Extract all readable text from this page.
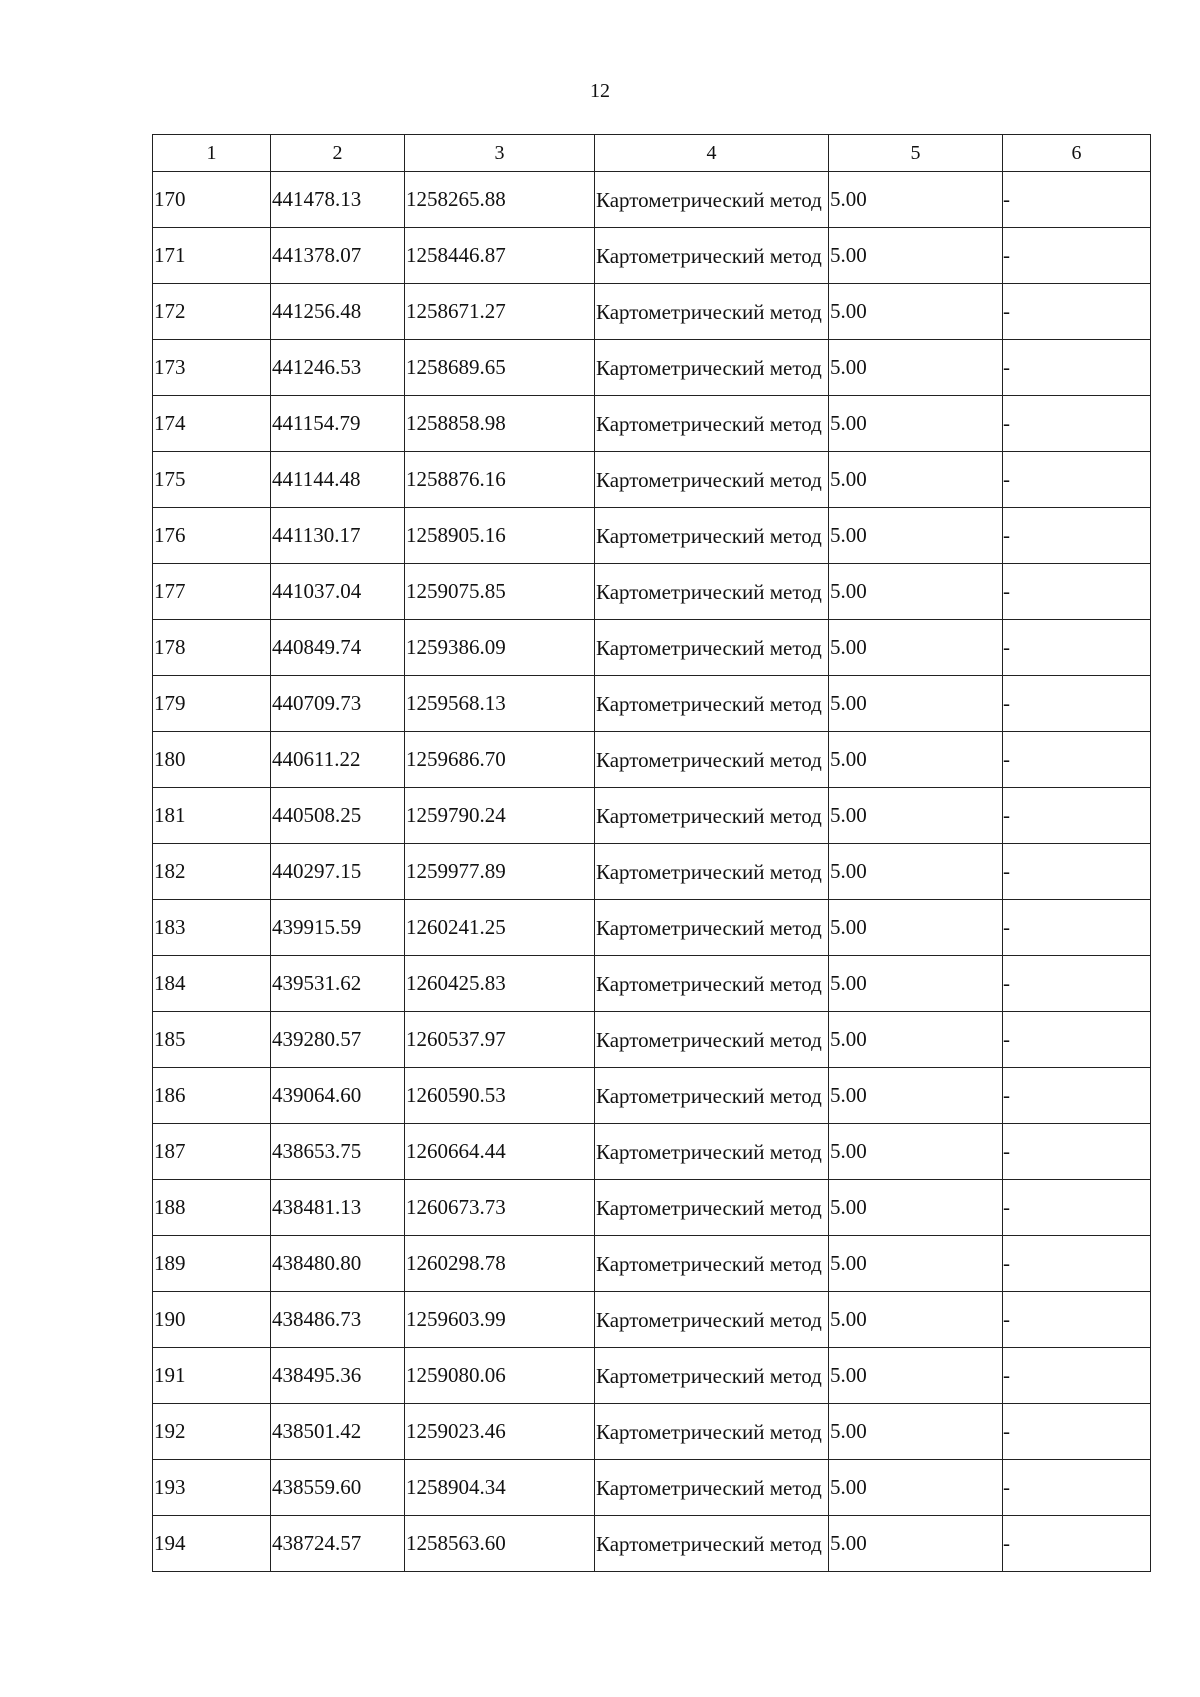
12
1	2	3	4	5	6
170	441478.13	1258265.88	Картометрический метод	5.00	-
171	441378.07	1258446.87	Картометрический метод	5.00	-
172	441256.48	1258671.27	Картометрический метод	5.00	-
173	441246.53	1258689.65	Картометрический метод	5.00	-
174	441154.79	1258858.98	Картометрический метод	5.00	-
175	441144.48	1258876.16	Картометрический метод	5.00	-
176	441130.17	1258905.16	Картометрический метод	5.00	-
177	441037.04	1259075.85	Картометрический метод	5.00	-
178	440849.74	1259386.09	Картометрический метод	5.00	-
179	440709.73	1259568.13	Картометрический метод	5.00	-
180	440611.22	1259686.70	Картометрический метод	5.00	-
181	440508.25	1259790.24	Картометрический метод	5.00	-
182	440297.15	1259977.89	Картометрический метод	5.00	-
183	439915.59	1260241.25	Картометрический метод	5.00	-
184	439531.62	1260425.83	Картометрический метод	5.00	-
185	439280.57	1260537.97	Картометрический метод	5.00	-
186	439064.60	1260590.53	Картометрический метод	5.00	-
187	438653.75	1260664.44	Картометрический метод	5.00	-
188	438481.13	1260673.73	Картометрический метод	5.00	-
189	438480.80	1260298.78	Картометрический метод	5.00	-
190	438486.73	1259603.99	Картометрический метод	5.00	-
191	438495.36	1259080.06	Картометрический метод	5.00	-
192	438501.42	1259023.46	Картометрический метод	5.00	-
193	438559.60	1258904.34	Картометрический метод	5.00	-
194	438724.57	1258563.60	Картометрический метод	5.00	-
